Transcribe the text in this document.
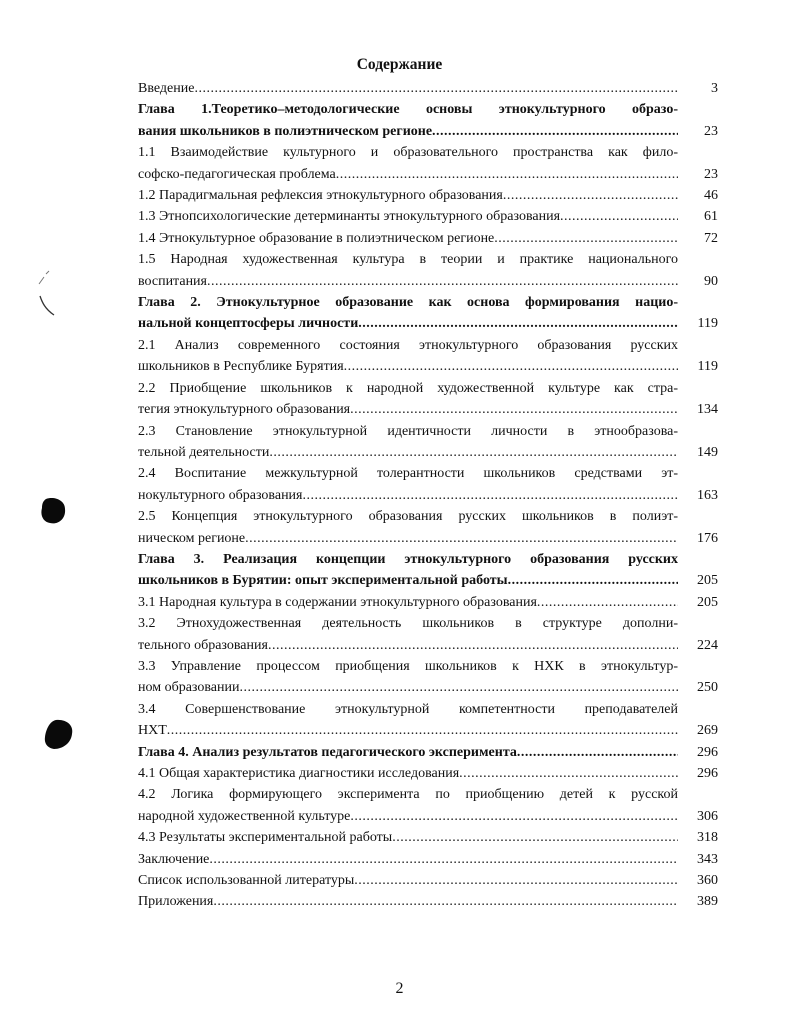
Содержание
Введение .....	3
Глава 1.Теоретико–методологические основы этнокультурного образо-
вания школьников в полиэтническом регионе .....	23
1.1 Взаимодействие культурного и образовательного пространства как фило-
софско-педагогическая проблема .....	23
1.2 Парадигмальная рефлексия этнокультурного образования .....	46
1.3 Этнопсихологические детерминанты этнокультурного образования .....	61
1.4 Этнокультурное образование в полиэтническом регионе .....	72
1.5 Народная художественная культура в теории и практике национального
воспитания .....	90
Глава 2. Этнокультурное образование как основа формирования нацио-
нальной концептосферы личности .....	119
2.1 Анализ современного состояния этнокультурного образования русских
школьников в Республике Бурятия .....	119
2.2 Приобщение школьников к народной художественной культуре как стра-
тегия этнокультурного образования .....	134
2.3 Становление этнокультурной идентичности личности в этнообразова-
тельной деятельности .....	149
2.4 Воспитание межкультурной толерантности школьников средствами эт-
нокультурного образования .....	163
2.5 Концепция этнокультурного образования русских школьников в полиэт-
ническом регионе .....	176
Глава 3. Реализация концепции этнокультурного образования русских
школьников в Бурятии: опыт экспериментальной работы .....	205
3.1 Народная культура в содержании этнокультурного образования .....	205
3.2 Этнохудожественная деятельность школьников в структуре дополни-
тельного образования .....	224
3.3 Управление процессом приобщения школьников к НХК в этнокультур-
ном образовании .....	250
3.4 Совершенствование этнокультурной компетентности преподавателей
НХТ .....	269
Глава 4. Анализ результатов педагогического эксперимента .....	296
4.1 Общая характеристика диагностики исследования .....	296
4.2 Логика формирующего эксперимента по приобщению детей к русской
народной художественной культуре .....	306
4.3 Результаты экспериментальной работы .....	318
Заключение .....	343
Список использованной литературы .....	360
Приложения .....	389
2
